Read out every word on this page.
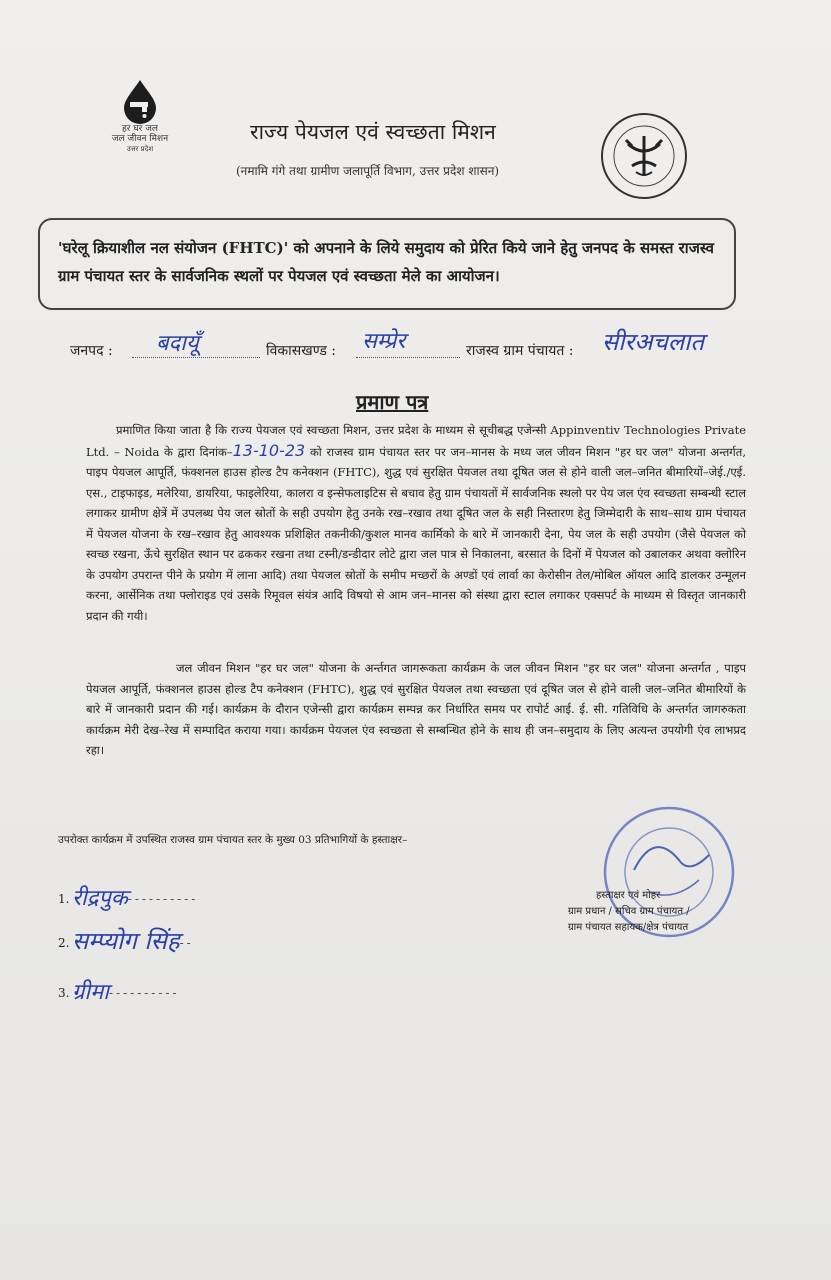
हर घर जल
जल जीवन मिशन
उत्तर प्रदेश
राज्य पेयजल एवं स्वच्छता मिशन
(नमामि गंगे तथा ग्रामीण जलापूर्ति विभाग, उत्तर प्रदेश शासन)
'घरेलू क्रियाशील नल संयोजन (FHTC)' को अपनाने के लिये समुदाय को प्रेरित किये जाने हेतु जनपद के समस्त राजस्व ग्राम पंचायत स्तर के सार्वजनिक स्थलों पर पेयजल एवं स्वच्छता मेले का आयोजन।
जनपद : बदायूँ	विकासखण्ड : सम्प्रेर	राजस्व ग्राम पंचायत : सीरअचलात
प्रमाण पत्र
प्रमाणित किया जाता है कि राज्य पेयजल एवं स्वच्छता मिशन, उत्तर प्रदेश के माध्यम से सूचीबद्ध एजेन्सी Appinventiv Technologies Private Ltd. – Noida के द्वारा दिनांक–13-10-23 को राजस्व ग्राम पंचायत स्तर पर जन–मानस के मध्य जल जीवन मिशन "हर घर जल" योजना अन्तर्गत, पाइप पेयजल आपूर्ति, फंक्शनल हाउस होल्ड टैप कनेक्शन (FHTC), शुद्ध एवं सुरक्षित पेयजल तथा दूषित जल से होने वाली जल–जनित बीमारियों–जेई./एई. एस., टाइफाइड, मलेरिया, डायरिया, फाइलेरिया, कालरा व इन्सेफलाइटिस से बचाव हेतु ग्राम पंचायतों में सार्वजनिक स्थलो पर पेय जल एंव स्वच्छता सम्बन्धी स्टाल लगाकर ग्रामीण क्षेत्रें में उपलब्ध पेय जल स्रोतों के सही उपयोग हेतु उनके रख–रखाव तथा दूषित जल के सही निस्तारण हेतु जिम्मेदारी के साथ–साथ ग्राम पंचायत में पेयजल योजना के रख–रखाव हेतु आवश्यक प्रशिक्षित तकनीकी/कुशल मानव कार्मिको के बारे में जानकारी देना, पेय जल के सही उपयोग (जैसे पेयजल को स्वच्छ रखना, ऊँचे सुरक्षित स्थान पर ढककर रखना तथा टस्नी/डन्डीदार लोटे द्वारा जल पात्र से निकालना, बरसात के दिनों में पेयजल को उबालकर अथवा क्लोरिन के उपयोग उपरान्त पीने के प्रयोग में लाना आदि) तथा पेयजल स्रोतों के समीप मच्छरों के अण्डों एवं लार्वा का केरोसीन तेल/मोबिल ऑयल आदि डालकर उन्मूलन करना, आर्सेनिक तथा फ्लोराइड एवं उसके रिमूवल संयंत्र आदि विषयो से आम जन–मानस को संस्था द्वारा स्टाल लगाकर एक्सपर्ट के माध्यम से विस्तृत जानकारी प्रदान की गयी।
जल जीवन मिशन "हर घर जल" योजना के अर्न्तगत जागरूकता कार्यक्रम के जल जीवन मिशन "हर घर जल" योजना अन्तर्गत , पाइप पेयजल आपूर्ति, फंक्शनल हाउस होल्ड टैप कनेक्शन (FHTC), शुद्ध एवं सुरक्षित पेयजल तथा स्वच्छता एवं दूषित जल से होने वाली जल–जनित बीमारियों के बारे में जानकारी प्रदान की गई। कार्यक्रम के दौरान एजेन्सी द्वारा कार्यक्रम सम्पन्न कर निर्धारित समय पर रापोर्ट आई. ई. सी. गतिविधि के अन्तर्गत जागरुकता कार्यक्रम मेरी देख–रेख में सम्पादित कराया गया। कार्यक्रम पेयजल एंव स्वच्छता से सम्बन्धित होने के साथ ही जन–समुदाय के लिए अत्यन्त उपयोगी एंव लाभप्रद रहा।
उपरोक्त कार्यक्रम में उपस्थित राजस्व ग्राम पंचायत स्तर के मुख्य 03 प्रतिभागियों के हस्ताक्षर–
1. रीद्रपुक----------
2. सम्प्योग सिंह--
3. ग्रीमा----------
हस्ताक्षर एवं मोहर
ग्राम प्रधान / सचिव ग्राम पंचायत /
ग्राम पंचायत सहायक/क्षेत्र पंचायत
